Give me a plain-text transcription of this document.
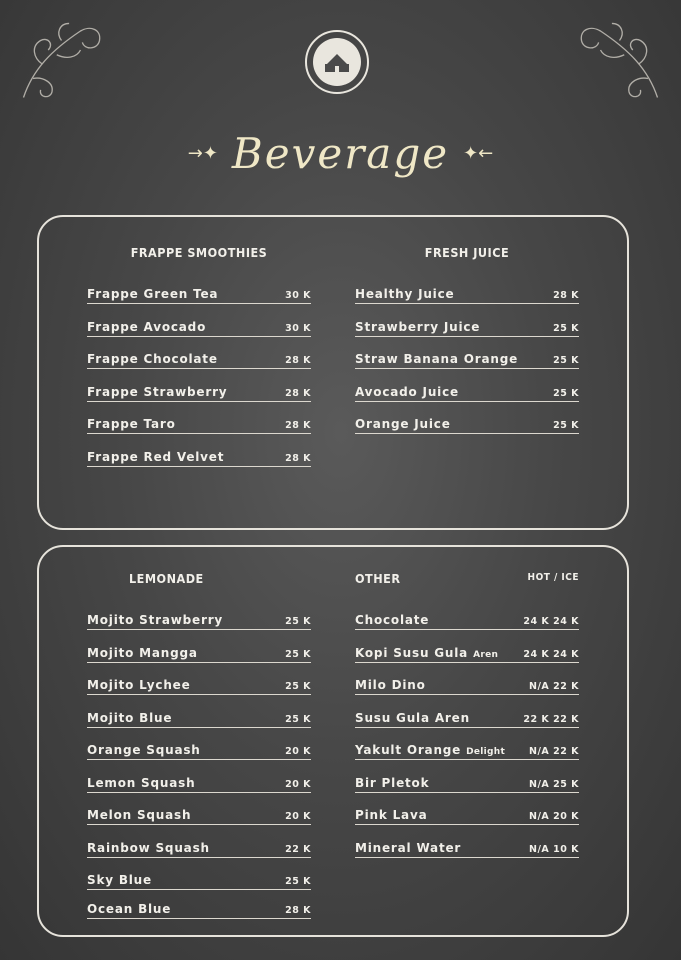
→✦ Beverage ✦←
FRAPPE SMOOTHIES
Frappe Green Tea	30 K
Frappe Avocado	30 K
Frappe Chocolate	28 K
Frappe Strawberry	28 K
Frappe Taro	28 K
Frappe Red Velvet	28 K
FRESH JUICE
Healthy Juice	28 K
Strawberry Juice	25 K
Straw Banana Orange	25 K
Avocado Juice	25 K
Orange Juice	25 K
LEMONADE
Mojito Strawberry	25 K
Mojito Mangga	25 K
Mojito Lychee	25 K
Mojito Blue	25 K
Orange Squash	20 K
Lemon Squash	20 K
Melon Squash	20 K
Rainbow Squash	22 K
Sky Blue	25 K
Ocean Blue	28 K
OTHER	HOT / ICE
Chocolate	24 K 24 K
Kopi Susu Gula Aren	24 K 24 K
Milo Dino	N/A 22 K
Susu Gula Aren	22 K 22 K
Yakult Orange Delight	N/A 22 K
Bir Pletok	N/A 25 K
Pink Lava	N/A 20 K
Mineral Water	N/A 10 K
